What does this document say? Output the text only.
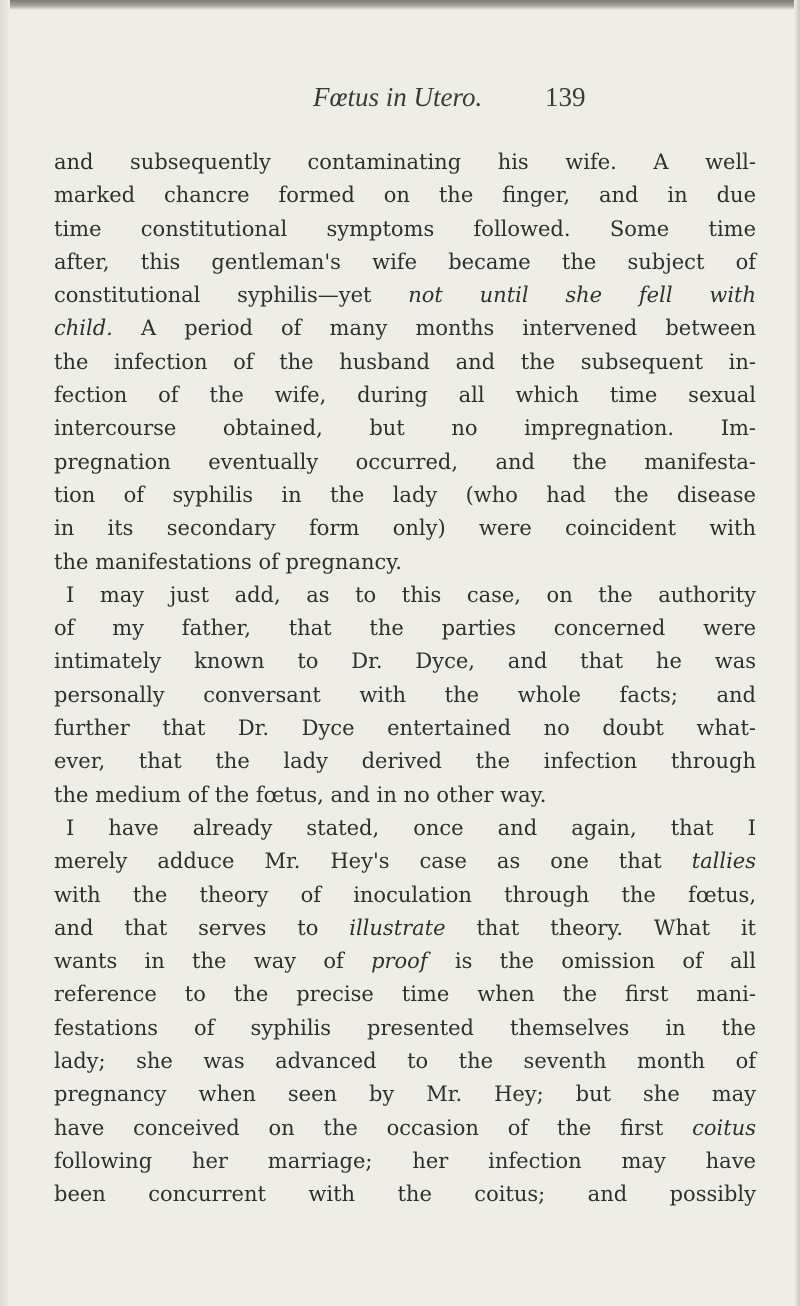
Fœtus in Utero. 139
and subsequently contaminating his wife. A well-
marked chancre formed on the finger, and in due
time constitutional symptoms followed. Some time
after, this gentleman's wife became the subject of
constitutional syphilis—yet not until she fell with
child. A period of many months intervened between
the infection of the husband and the subsequent in-
fection of the wife, during all which time sexual
intercourse obtained, but no impregnation. Im-
pregnation eventually occurred, and the manifesta-
tion of syphilis in the lady (who had the disease
in its secondary form only) were coincident with
the manifestations of pregnancy.
I may just add, as to this case, on the authority
of my father, that the parties concerned were
intimately known to Dr. Dyce, and that he was
personally conversant with the whole facts; and
further that Dr. Dyce entertained no doubt what-
ever, that the lady derived the infection through
the medium of the fœtus, and in no other way.
I have already stated, once and again, that I
merely adduce Mr. Hey's case as one that tallies
with the theory of inoculation through the fœtus,
and that serves to illustrate that theory. What it
wants in the way of proof is the omission of all
reference to the precise time when the first mani-
festations of syphilis presented themselves in the
lady; she was advanced to the seventh month of
pregnancy when seen by Mr. Hey; but she may
have conceived on the occasion of the first coitus
following her marriage; her infection may have
been concurrent with the coitus; and possibly
